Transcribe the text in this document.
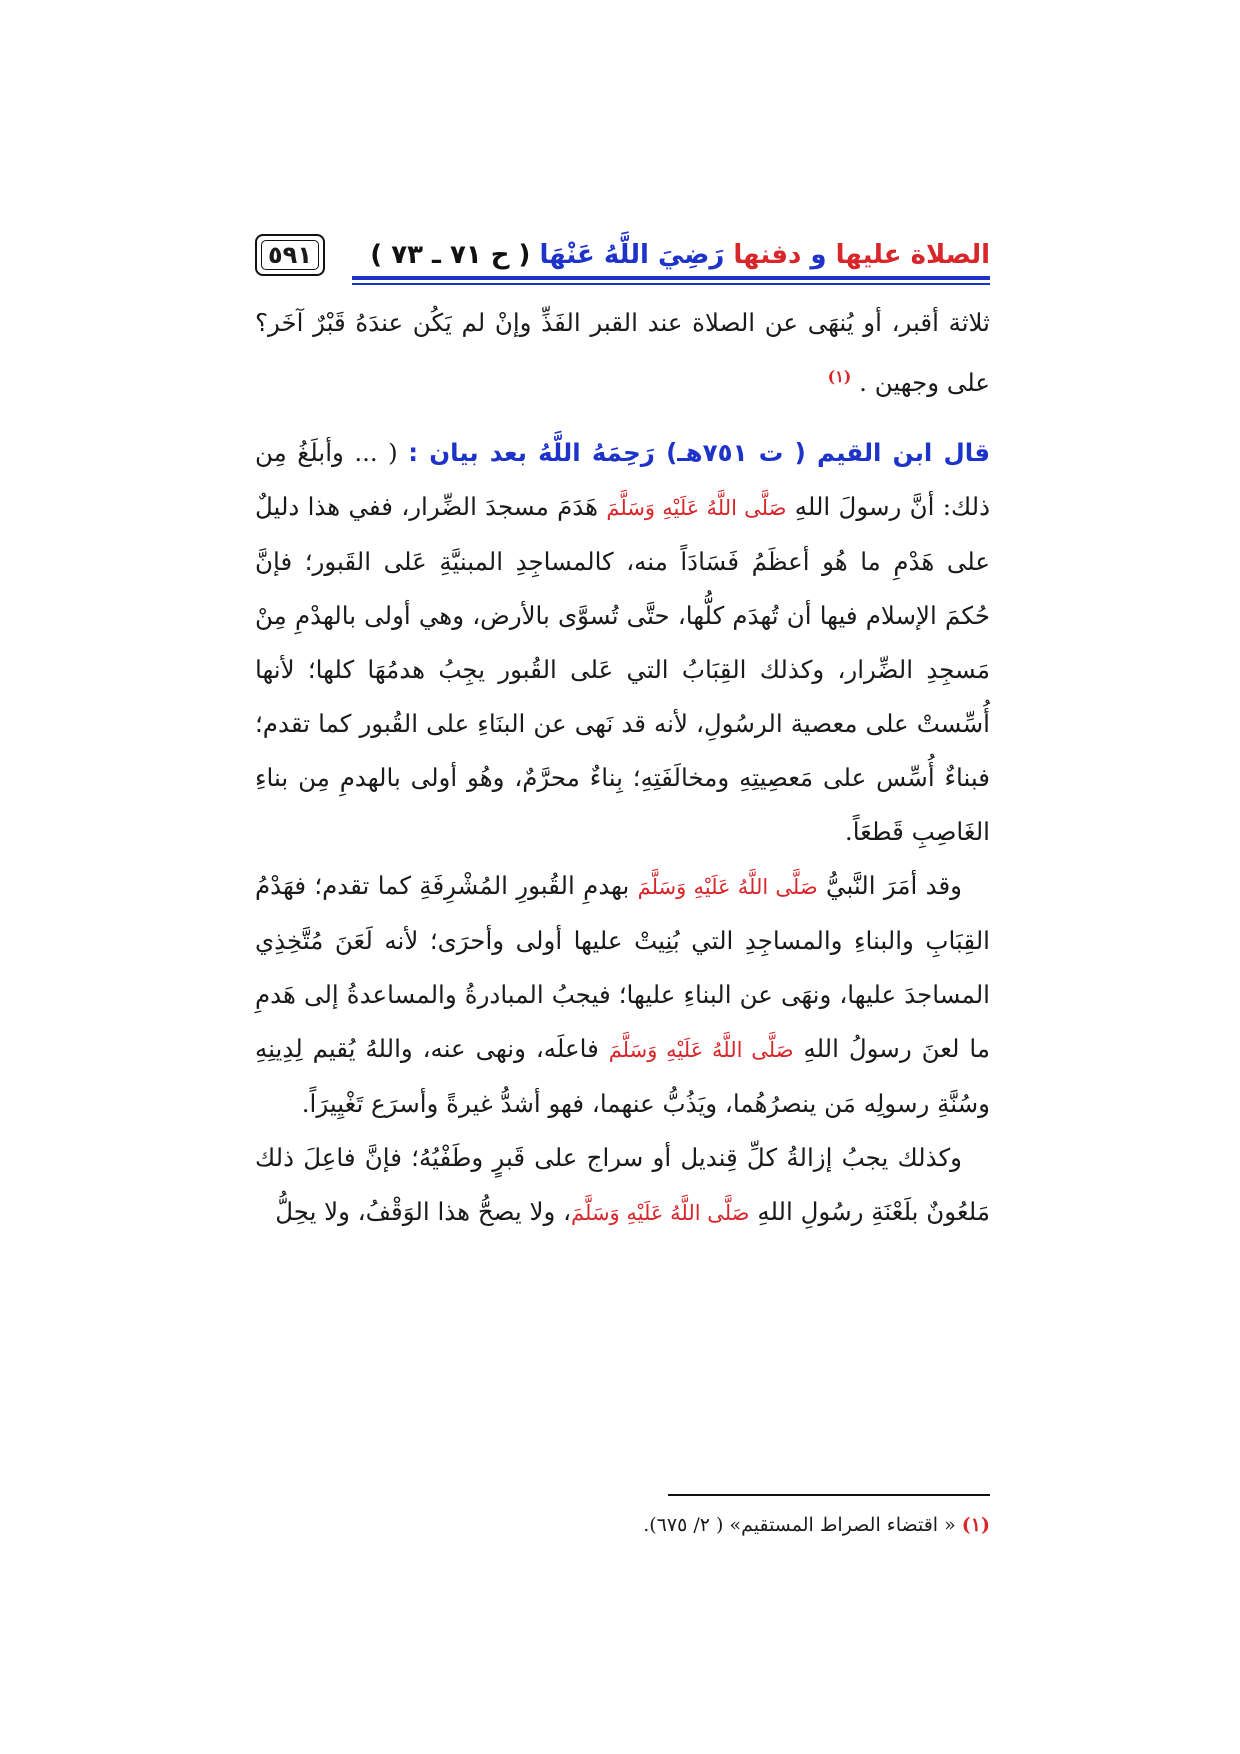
الصلاة عليها و دفنها رَضِيَ اللَّهُ عَنْهَا ( ح ٧١ ـ ٧٣ )
٥٩١

ثلاثة أقبر، أو يُنهَى عن الصلاة عند القبر الفَذِّ وإنْ لم يَكُن عندَهُ قَبْرٌ آخَر؟ على وجهين . $^{(١)}$

قال ابن القيم ( ت ٧٥١هـ) رَحِمَهُ اللَّهُ بعد بيان : ( ... وأبلَغُ مِن ذلك: أنَّ رسولَ اللهِ صَلَّى اللَّهُ عَلَيْهِ وَسَلَّمَ هَدَمَ مسجدَ الضِّرار، ففي هذا دليلٌ على هَدْمِ ما هُو أعظَمُ فَسَادَاً منه، كالمساجِدِ المبنيَّةِ عَلى القَبور؛ فإنَّ حُكمَ الإسلام فيها أن تُهدَم كلُّها، حتَّى تُسوَّى بالأرض، وهي أولى بالهدْمِ مِنْ مَسجِدِ الضِّرار، وكذلك القِبَابُ التي عَلى القُبور يجِبُ هدمُهَا كلها؛ لأنها أُسِّستْ على معصية الرسُولِ، لأنه قد نَهى عن البنَاءِ على القُبور كما تقدم؛ فبناءٌ أُسِّس على مَعصِيتِهِ ومخالَفَتِهِ؛ بِناءٌ محرَّمٌ، وهُو أولى بالهدمِ مِن بناءِ الغَاصِبِ قَطعَاً.

وقد أمَرَ النَّبيُّ صَلَّى اللَّهُ عَلَيْهِ وَسَلَّمَ بهدمِ القُبورِ المُشْرِفَةِ كما تقدم؛ فهَدْمُ القِبَابِ والبناءِ والمساجِدِ التي بُنِيتْ عليها أولى وأحرَى؛ لأنه لَعَنَ مُتَّخِذِي المساجدَ عليها، ونهَى عن البناءِ عليها؛ فيجبُ المبادرةُ والمساعدةُ إلى هَدمِ ما لعنَ رسولُ اللهِ صَلَّى اللَّهُ عَلَيْهِ وَسَلَّمَ فاعلَه، ونهى عنه، واللهُ يُقيم لِدِينِهِ وسُنَّةِ رسولِه مَن ينصرُهُما، ويَذُبُّ عنهما، فهو أشدُّ غيرةً وأسرَع تَغْيِيرَاً.

وكذلك يجبُ إزالةُ كلِّ قِنديل أو سراج على قَبرٍ وطَفْيُهُ؛ فإنَّ فاعِلَ ذلك مَلعُونٌ بلَعْنَةِ رسُولِ اللهِ صَلَّى اللَّهُ عَلَيْهِ وَسَلَّمَ، ولا يصحُّ هذا الوَقْفُ، ولا يحِلُّ

(١) « اقتضاء الصراط المستقيم» ( ٢/ ٦٧٥).
